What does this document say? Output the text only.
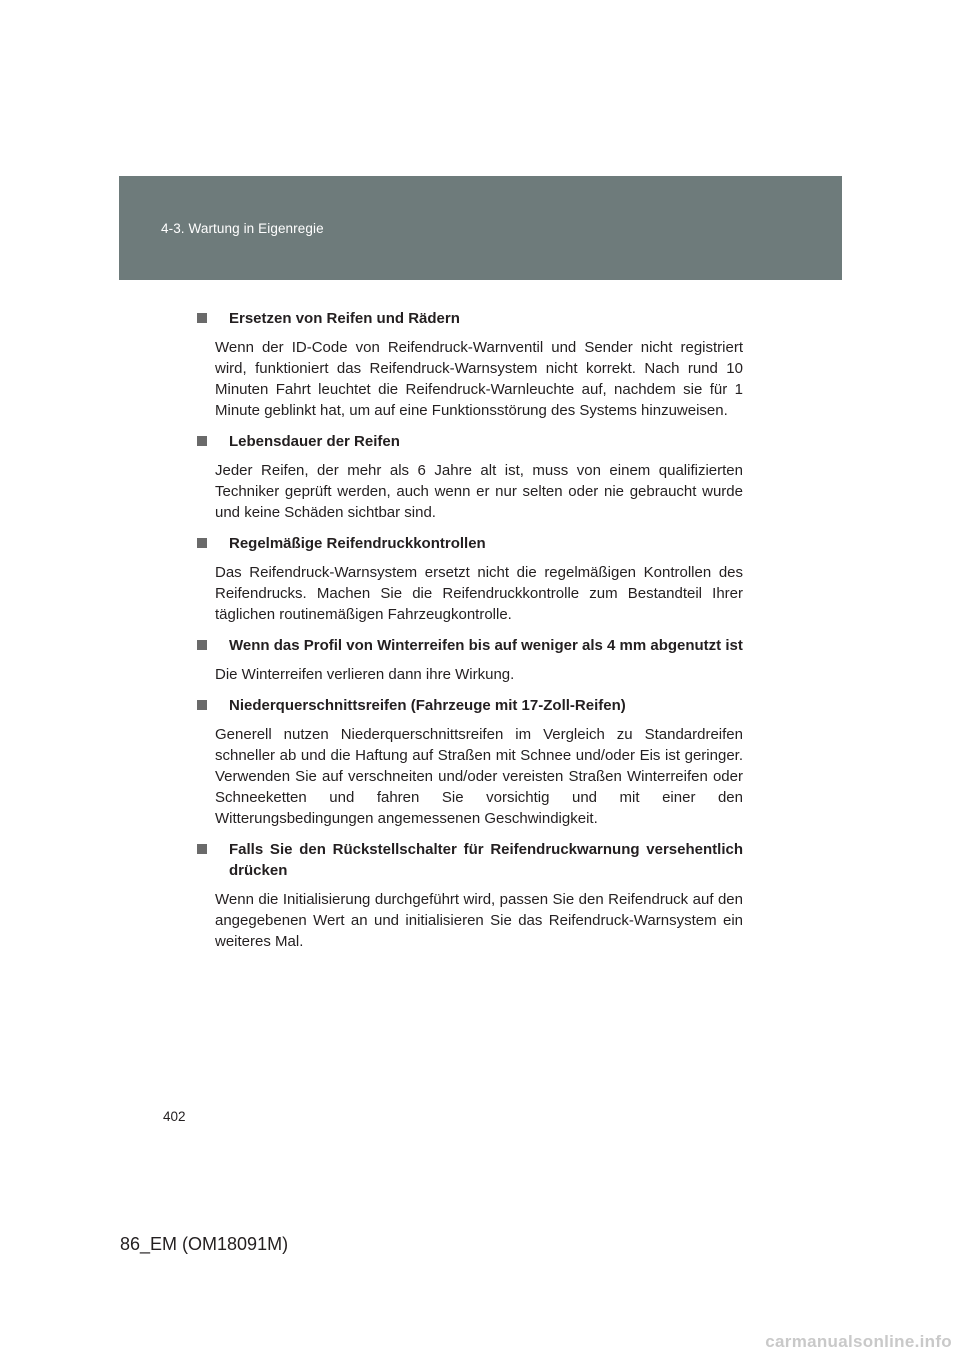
4-3. Wartung in Eigenregie
Ersetzen von Reifen und Rädern
Wenn der ID-Code von Reifendruck-Warnventil und Sender nicht registriert wird, funktioniert das Reifendruck-Warnsystem nicht korrekt. Nach rund 10 Minuten Fahrt leuchtet die Reifendruck-Warnleuchte auf, nachdem sie für 1 Minute geblinkt hat, um auf eine Funktionsstörung des Systems hinzuweisen.
Lebensdauer der Reifen
Jeder Reifen, der mehr als 6 Jahre alt ist, muss von einem qualifizierten Techniker geprüft werden, auch wenn er nur selten oder nie gebraucht wurde und keine Schäden sichtbar sind.
Regelmäßige Reifendruckkontrollen
Das Reifendruck-Warnsystem ersetzt nicht die regelmäßigen Kontrollen des Reifendrucks. Machen Sie die Reifendruckkontrolle zum Bestandteil Ihrer täglichen routinemäßigen Fahrzeugkontrolle.
Wenn das Profil von Winterreifen bis auf weniger als 4 mm abgenutzt ist
Die Winterreifen verlieren dann ihre Wirkung.
Niederquerschnittsreifen (Fahrzeuge mit 17-Zoll-Reifen)
Generell nutzen Niederquerschnittsreifen im Vergleich zu Standardreifen schneller ab und die Haftung auf Straßen mit Schnee und/oder Eis ist geringer. Verwenden Sie auf verschneiten und/oder vereisten Straßen Winterreifen oder Schneeketten und fahren Sie vorsichtig und mit einer den Witterungsbedingungen angemessenen Geschwindigkeit.
Falls Sie den Rückstellschalter für Reifendruckwarnung versehentlich drücken
Wenn die Initialisierung durchgeführt wird, passen Sie den Reifendruck auf den angegebenen Wert an und initialisieren Sie das Reifendruck-Warnsystem ein weiteres Mal.
402
86_EM (OM18091M)
carmanualsonline.info
